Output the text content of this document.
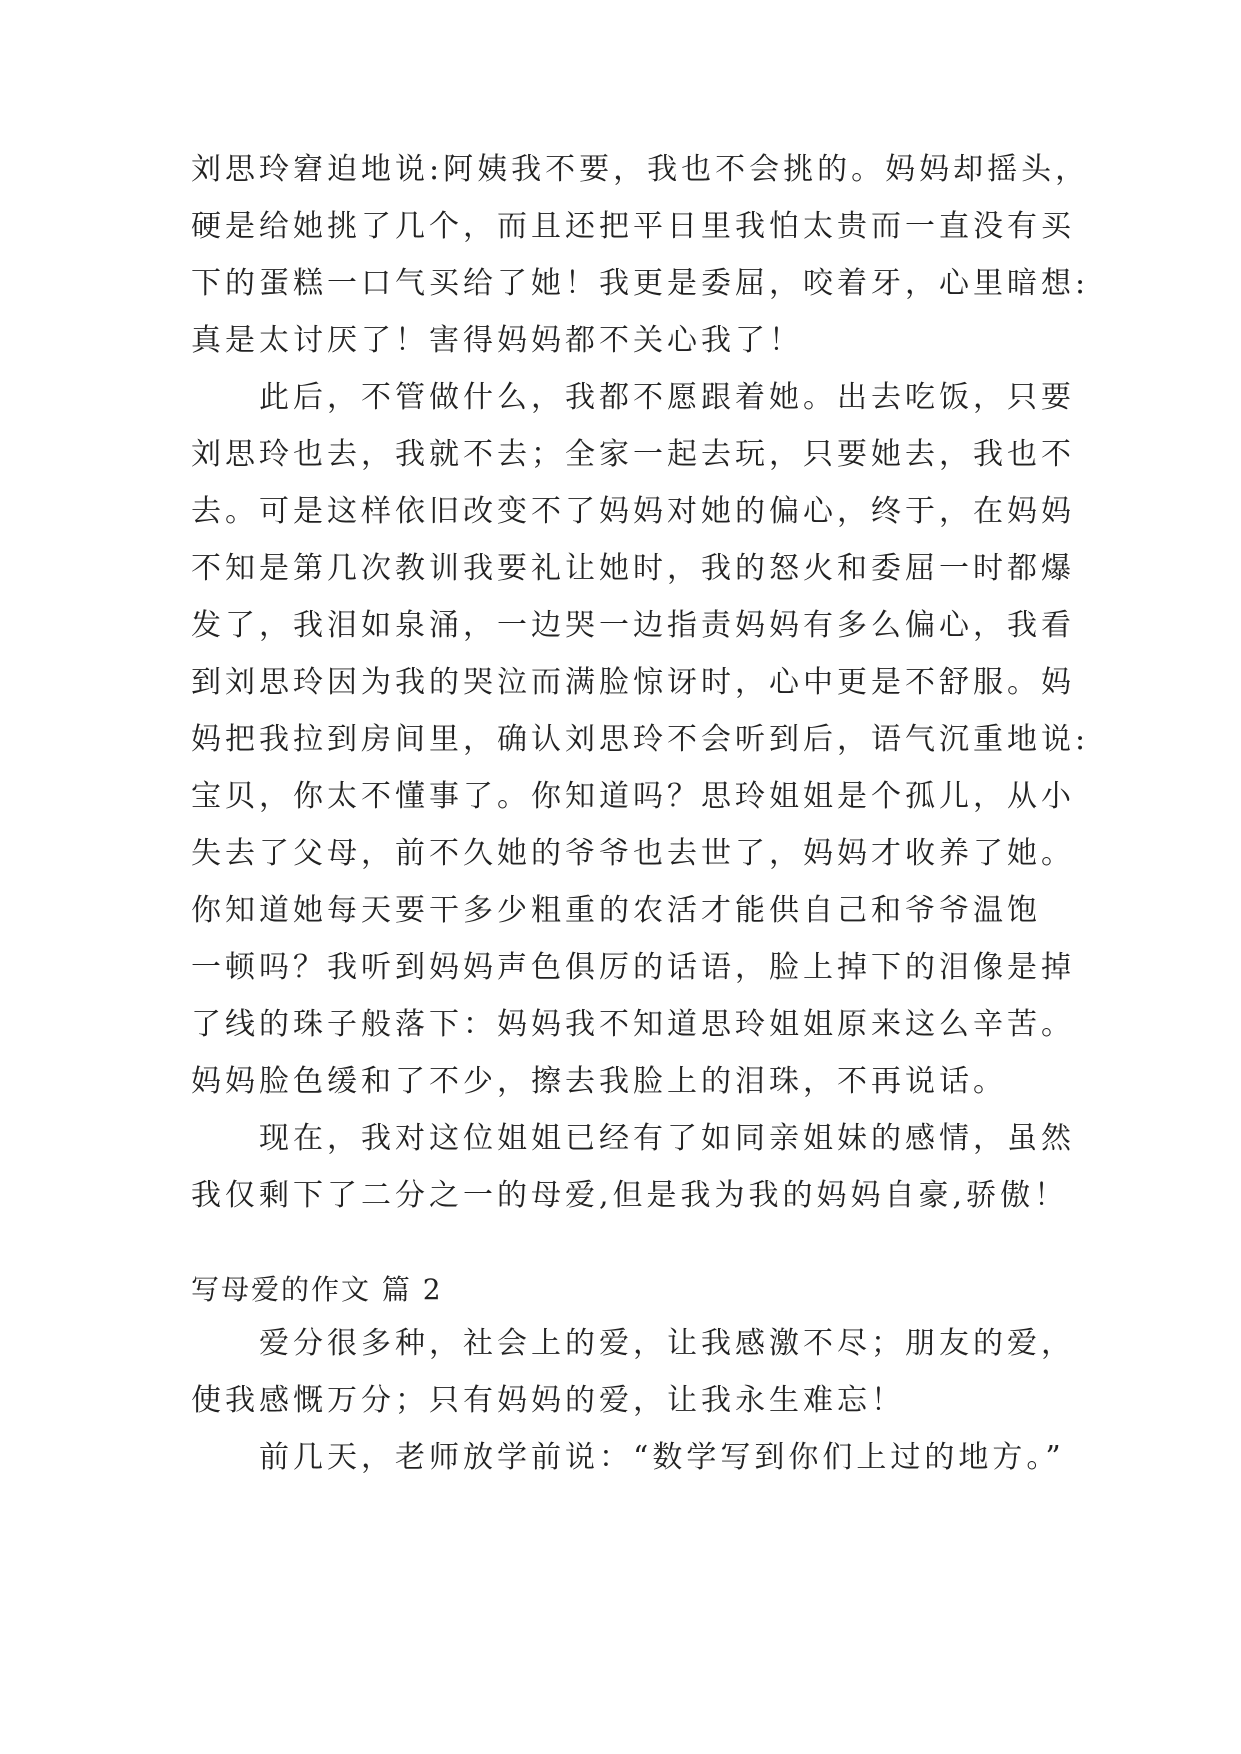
刘思玲窘迫地说:阿姨我不要，我也不会挑的。妈妈却摇头，
硬是给她挑了几个，而且还把平日里我怕太贵而一直没有买
下的蛋糕一口气买给了她！我更是委屈，咬着牙，心里暗想:
真是太讨厌了！害得妈妈都不关心我了！
　　此后，不管做什么，我都不愿跟着她。出去吃饭，只要
刘思玲也去，我就不去；全家一起去玩，只要她去，我也不
去。可是这样依旧改变不了妈妈对她的偏心，终于，在妈妈
不知是第几次教训我要礼让她时，我的怒火和委屈一时都爆
发了，我泪如泉涌，一边哭一边指责妈妈有多么偏心，我看
到刘思玲因为我的哭泣而满脸惊讶时，心中更是不舒服。妈
妈把我拉到房间里，确认刘思玲不会听到后，语气沉重地说:
宝贝，你太不懂事了。你知道吗？思玲姐姐是个孤儿，从小
失去了父母，前不久她的爷爷也去世了，妈妈才收养了她。
你知道她每天要干多少粗重的农活才能供自己和爷爷温饱
一顿吗？我听到妈妈声色俱厉的话语，脸上掉下的泪像是掉
了线的珠子般落下：妈妈我不知道思玲姐姐原来这么辛苦。
妈妈脸色缓和了不少，擦去我脸上的泪珠，不再说话。
　　现在，我对这位姐姐已经有了如同亲姐妹的感情，虽然
我仅剩下了二分之一的母爱,但是我为我的妈妈自豪,骄傲！
写母爱的作文 篇 2
　　爱分很多种，社会上的爱，让我感激不尽；朋友的爱，
使我感慨万分；只有妈妈的爱，让我永生难忘！
　　前几天，老师放学前说：“数学写到你们上过的地方。”
